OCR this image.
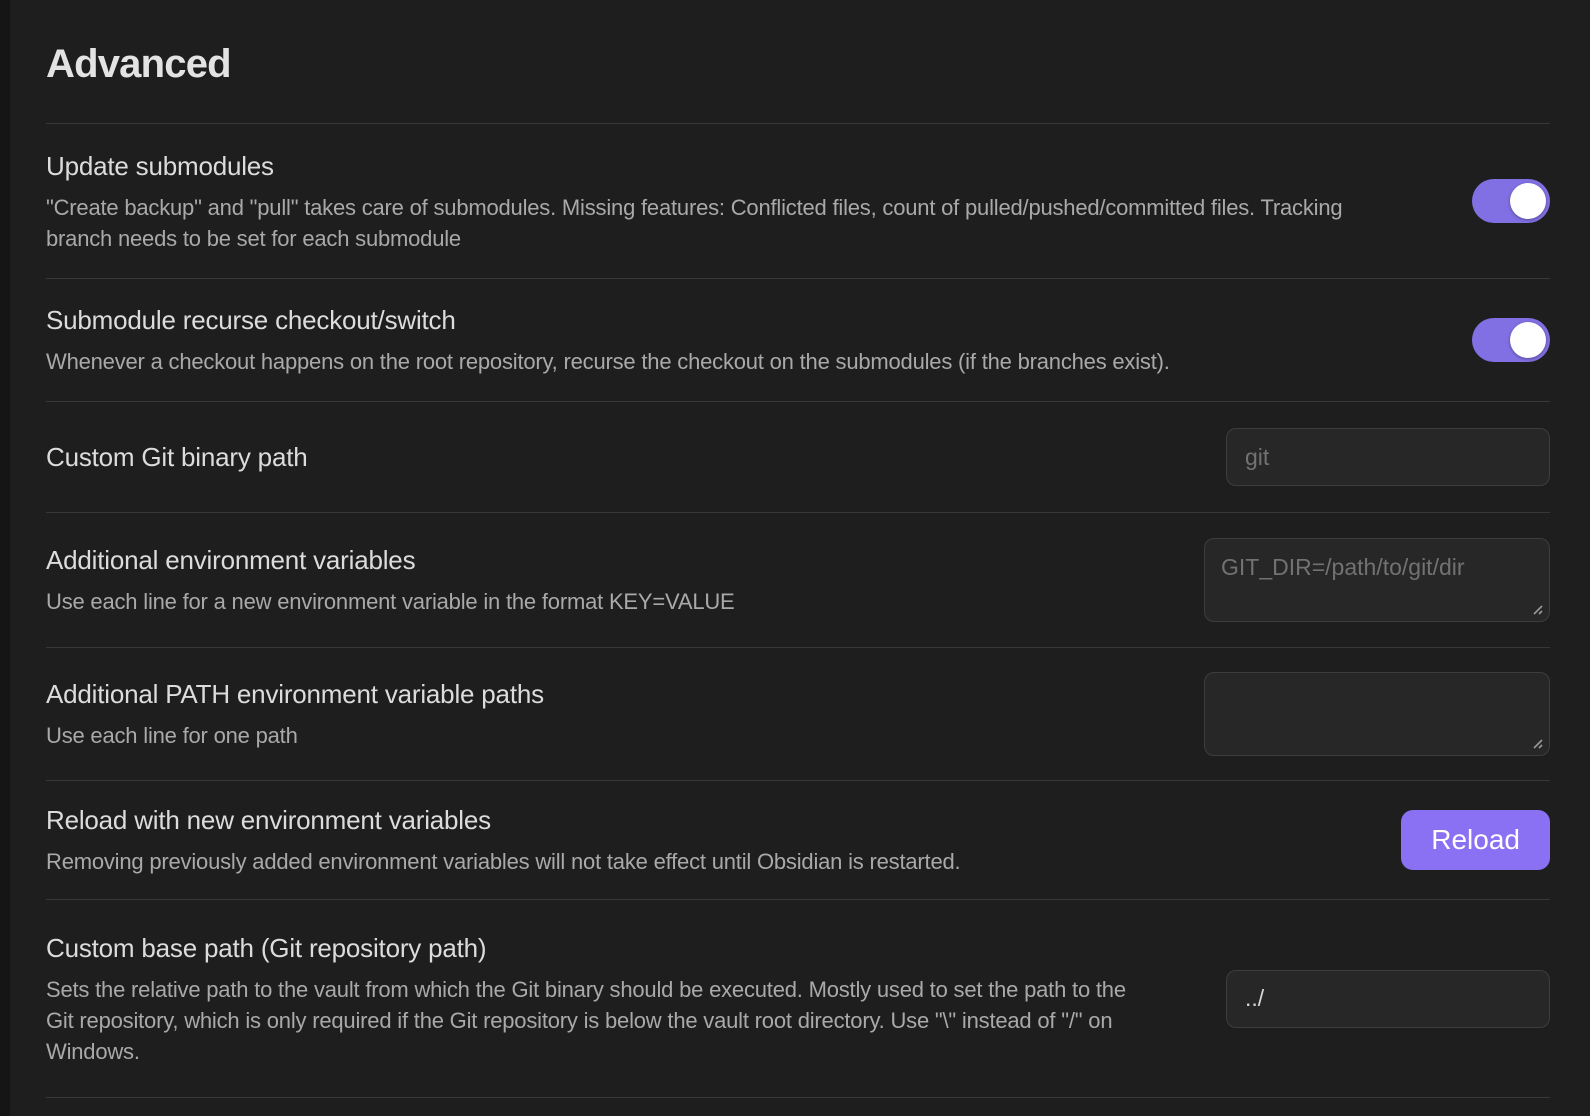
Advanced
Update submodules
"Create backup" and "pull" takes care of submodules. Missing features: Conflicted files, count of pulled/pushed/committed files. Tracking branch needs to be set for each submodule
Submodule recurse checkout/switch
Whenever a checkout happens on the root repository, recurse the checkout on the submodules (if the branches exist).
Custom Git binary path
git
Additional environment variables
Use each line for a new environment variable in the format KEY=VALUE
GIT_DIR=/path/to/git/dir
Additional PATH environment variable paths
Use each line for one path
Reload with new environment variables
Removing previously added environment variables will not take effect until Obsidian is restarted.
Reload
Custom base path (Git repository path)
Sets the relative path to the vault from which the Git binary should be executed. Mostly used to set the path to the Git repository, which is only required if the Git repository is below the vault root directory. Use "\" instead of "/" on Windows.
../
